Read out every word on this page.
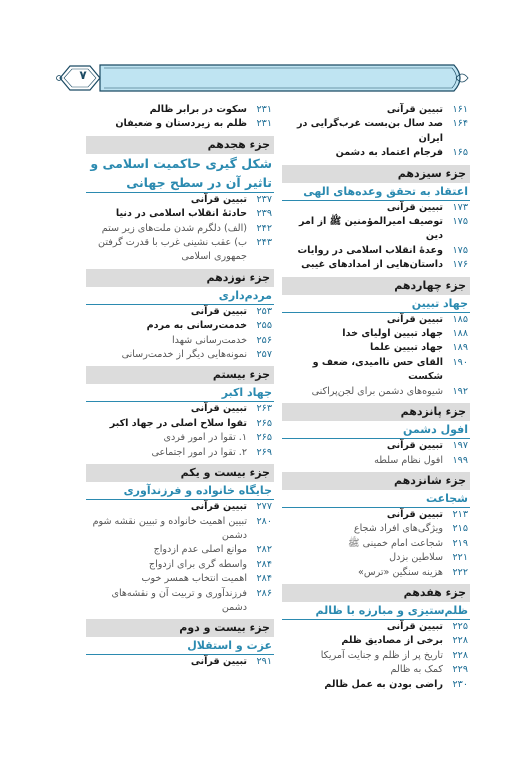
۷
۱۶۱
تبیین قرآنی
۱۶۴
صد سال بن‌بست غرب‌گرایی در ایران
۱۶۵
فرجام اعتماد به دشمن
جزء سیزدهم
اعتقاد به تحقق وعده‌های الهی
۱۷۳
تبیین قرآنی
۱۷۵
توصیف امیرالمؤمنین ﷺ از امر دین
۱۷۵
وعدهٔ انقلاب اسلامی در روایات
۱۷۶
داستان‌هایی از امدادهای غیبی
جزء چهاردهم
جهاد تبیین
۱۸۵
تبیین قرآنی
۱۸۸
جهاد تبیین اولیای خدا
۱۸۹
جهاد تبیین علما
۱۹۰
القای حس ناامیدی، ضعف و شکست
۱۹۲
شیوه‌های دشمن برای لجن‌پراکنی
جزء پانزدهم
افول دشمن
۱۹۷
تبیین قرآنی
۱۹۹
افول نظام سلطه
جزء شانزدهم
شجاعت
۲۱۳
تبیین قرآنی
۲۱۵
ویژگی‌های افراد شجاع
۲۱۹
شجاعت امام خمینی ﷺ
۲۲۱
سلاطین بزدل
۲۲۲
هزینه سنگین «ترس»
جزء هفدهم
ظلم‌ستیزی و مبارزه با ظالم
۲۲۵
تبیین قرآنی
۲۲۸
برخی از مصادیق ظلم
۲۲۸
تاریخ پر از ظلم و جنایت آمریکا
۲۲۹
کمک به ظالم
۲۳۰
راضی بودن به عمل ظالم
۲۳۱
سکوت در برابر ظالم
۲۳۱
ظلم به زیردستان و ضعیفان
جزء هجدهم
شکل گیری حاکمیت اسلامی و تاثیر آن در سطح جهانی
۲۳۷
تبیین قرآنی
۲۳۹
حادثهٔ انقلاب اسلامی در دنیا
۲۴۲
(الف) دلگرم شدن ملت‌های زیر ستم
۲۴۳
ب) عقب نشینی غرب با قدرت گرفتن
جمهوری اسلامی
جزء نوزدهم
مردم‌داری
۲۵۳
تبیین قرآنی
۲۵۵
خدمت‌رسانی به مردم
۲۵۶
خدمت‌رسانی شهدا
۲۵۷
نمونه‌هایی دیگر از خدمت‌رسانی
جزء بیستم
جهاد اکبر
۲۶۳
تبیین قرآنی
۲۶۵
تقوا سلاح اصلی در جهاد اکبر
۲۶۵
۱. تقوا در امور فردی
۲۶۹
۲. تقوا در امور اجتماعی
جزء بیست و یکم
جایگاه خانواده و فرزندآوری
۲۷۷
تبیین قرآنی
۲۸۰
تبیین اهمیت خانواده و تبیین نقشه شوم
دشمن
۲۸۲
موانع اصلی عدم ازدواج
۲۸۴
واسطه گری برای ازدواج
۲۸۴
اهمیت انتخاب همسر خوب
۲۸۶
فرزندآوری و تربیت آن و نقشه‌های دشمن
جزء بیست و دوم
عزت و استقلال
۲۹۱
تبیین قرآنی
